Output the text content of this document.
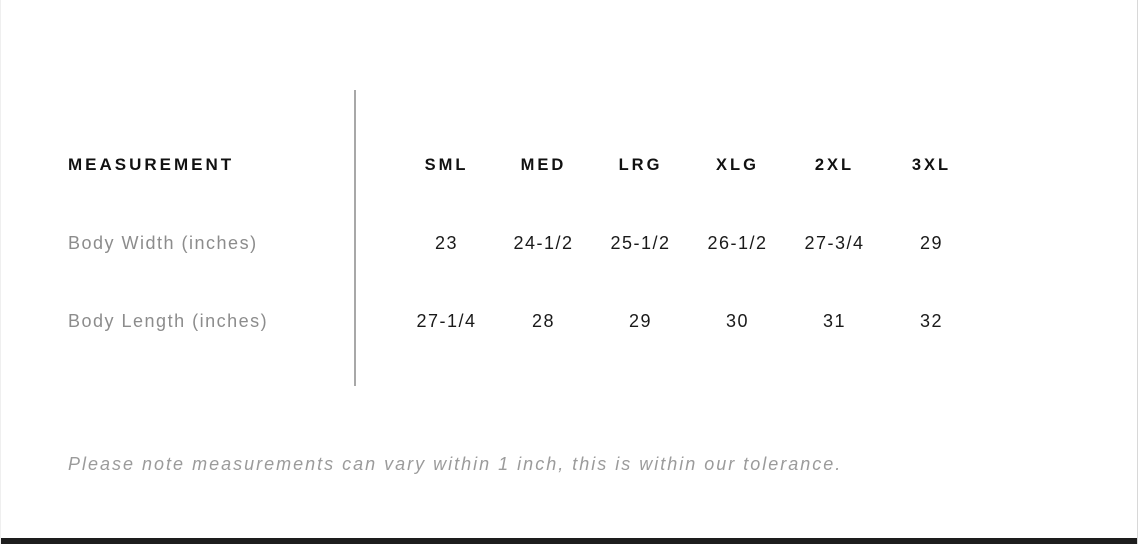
MEASUREMENT	SML	MED	LRG	XLG	2XL	3XL
Body Width (inches)	23	24-1/2	25-1/2	26-1/2	27-3/4	29
Body Length (inches)	27-1/4	28	29	30	31	32
Please note measurements can vary within 1 inch, this is within our tolerance.
